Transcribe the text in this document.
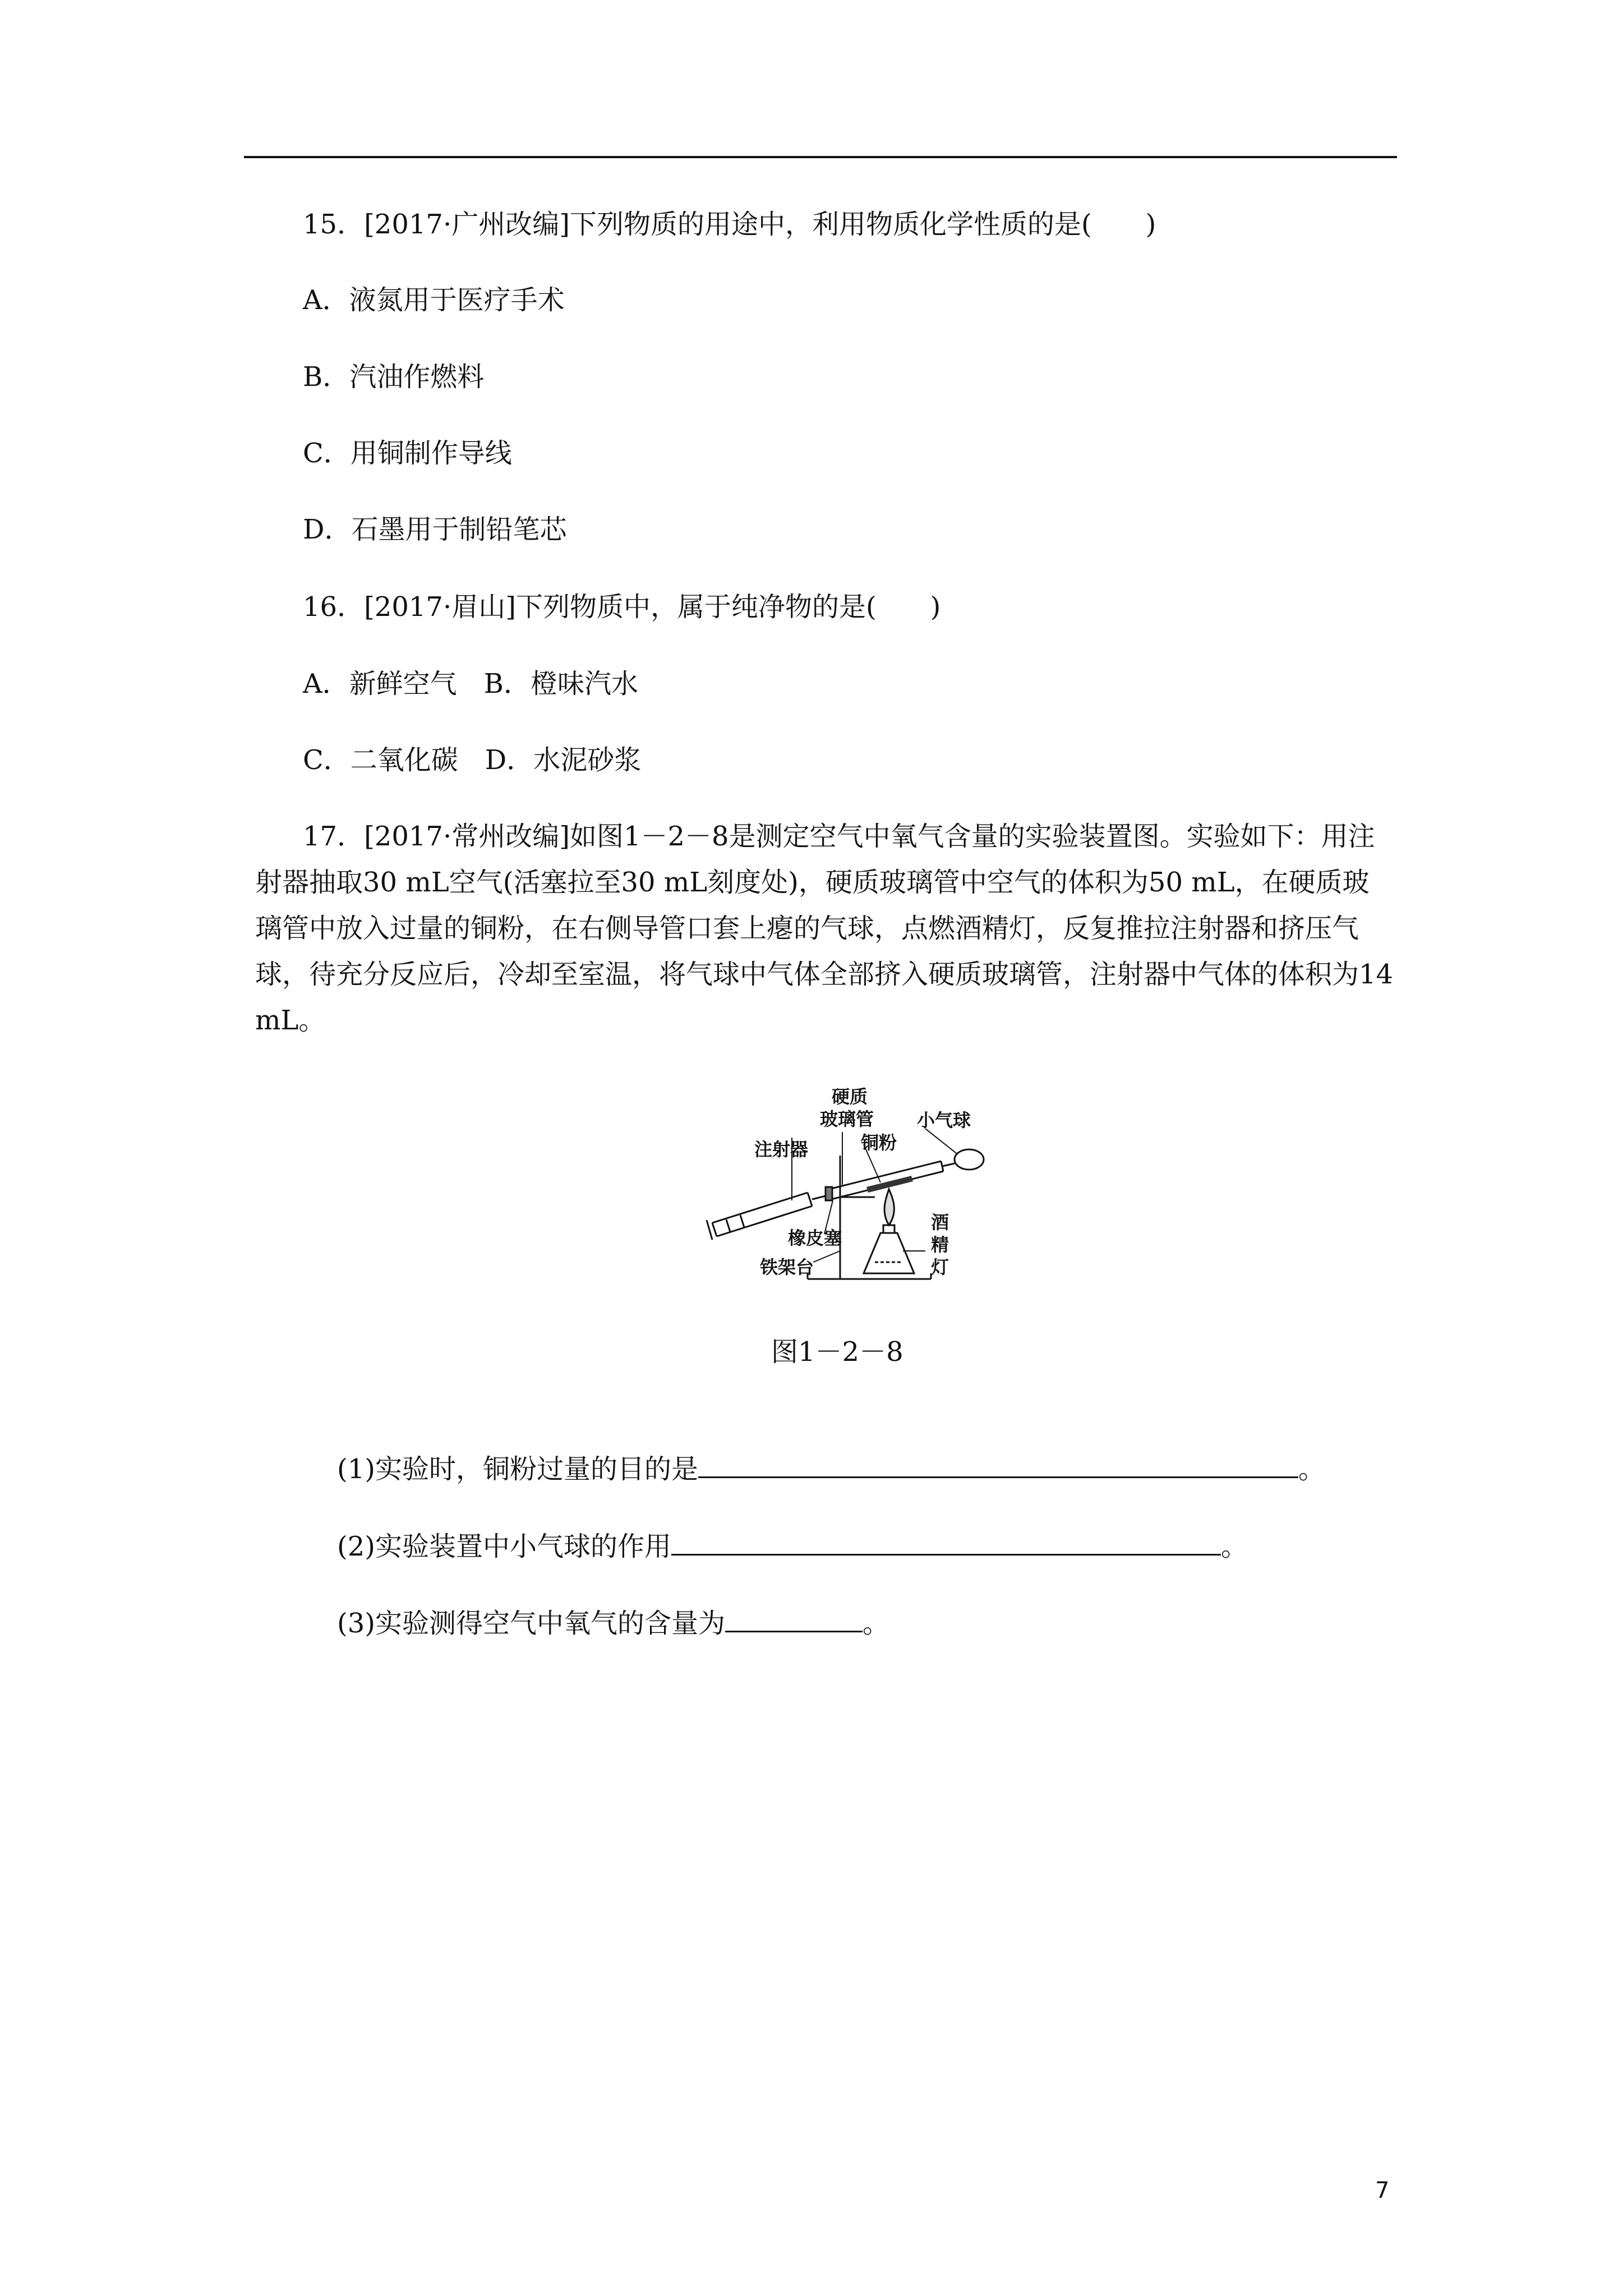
15．[2017·广州改编]下列物质的用途中，利用物质化学性质的是(　　)
A．液氮用于医疗手术
B．汽油作燃料
C．用铜制作导线
D．石墨用于制铅笔芯
16．[2017·眉山]下列物质中，属于纯净物的是(　　)
A．新鲜空气　B．橙味汽水
C．二氧化碳　D．水泥砂浆
17．[2017·常州改编]如图1－2－8是测定空气中氧气含量的实验装置图。实验如下：用注射器抽取30 mL空气(活塞拉至30 mL刻度处)，硬质玻璃管中空气的体积为50 mL，在硬质玻璃管中放入过量的铜粉，在右侧导管口套上瘪的气球，点燃酒精灯，反复推拉注射器和挤压气球，待充分反应后，冷却至室温，将气球中气体全部挤入硬质玻璃管，注射器中气体的体积为14 mL。
硬质
玻璃管 小气球
注射器	铜粉
橡皮塞
铁架台
酒
精
灯
图1－2－8

(1)实验时，铜粉过量的目的是	。

(2)实验装置中小气球的作用	。

(3)实验测得空气中氧气的含量为	。

7
